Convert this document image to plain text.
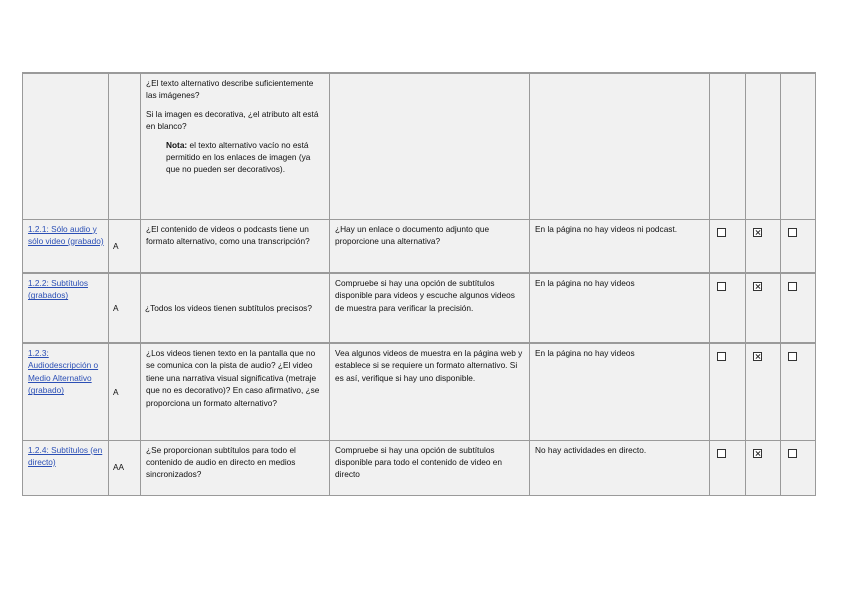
		¿El texto alternativo describe suficientemente las imágenes?

Si la imagen es decorativa, ¿el atributo alt está en blanco?

Nota: el texto alternativo vacío no está permitido en los enlaces de imagen (ya que no pueden ser decorativos).					

1.2.1: Sólo audio y sólo video (grabado)	A	¿El contenido de videos o podcasts tiene un formato alternativo, como una transcripción?	¿Hay un enlace o documento adjunto que proporcione una alternativa?	En la página no hay videos ni podcast.			

1.2.2: Subtítulos (grabados)	A	¿Todos los videos tienen subtítulos precisos?	Compruebe si hay una opción de subtítulos disponible para videos y escuche algunos videos de muestra para verificar la precisión.	En la página no hay videos			

1.2.3: Audiodescripción o Medio Alternativo (grabado)	A	¿Los videos tienen texto en la pantalla que no se comunica con la pista de audio? ¿El video tiene una narrativa visual significativa (metraje que no es decorativo)? En caso afirmativo, ¿se proporciona un formato alternativo?	Vea algunos videos de muestra en la página web y establece si se requiere un formato alternativo. Si es así, verifique si hay uno disponible.	En la página no hay videos			

1.2.4: Subtítulos (en directo)	AA	¿Se proporcionan subtítulos para todo el contenido de audio en directo en medios sincronizados?	Compruebe si hay una opción de subtítulos disponible para todo el contenido de video en directo	No hay actividades en directo.			
